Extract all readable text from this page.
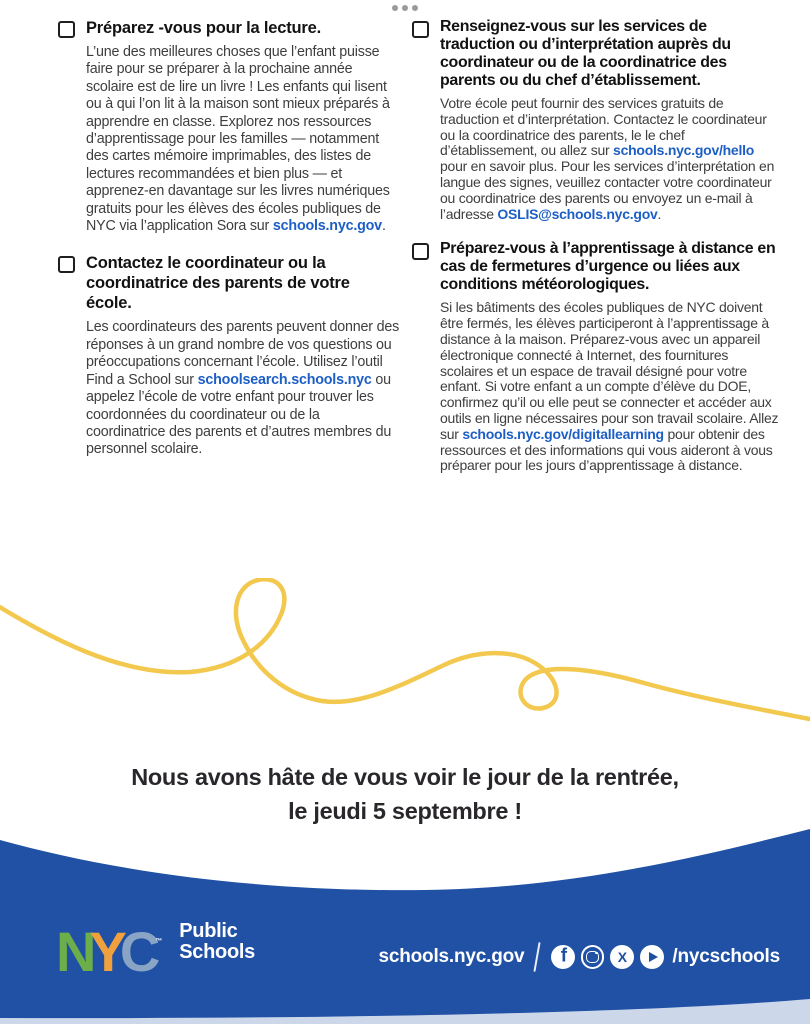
Préparez -vous pour la lecture.

L’une des meilleures choses que l’enfant puisse faire pour se préparer à la prochaine année scolaire est de lire un livre ! Les enfants qui lisent ou à qui l’on lit à la maison sont mieux préparés à apprendre en classe. Explorez nos ressources d’apprentissage pour les familles — notamment des cartes mémoire imprimables, des listes de lectures recommandées et bien plus — et apprenez-en davantage sur les livres numériques gratuits pour les élèves des écoles publiques de NYC via l’application Sora sur schools.nyc.gov.

Contactez le coordinateur ou la coordinatrice des parents de votre école.

Les coordinateurs des parents peuvent donner des réponses à un grand nombre de vos questions ou préoccupations concernant l’école. Utilisez l’outil Find a School sur schoolsearch.schools.nyc ou appelez l’école de votre enfant pour trouver les coordonnées du coordinateur ou de la coordinatrice des parents et d’autres membres du personnel scolaire.

Renseignez-vous sur les services de traduction ou d’interprétation auprès du coordinateur ou de la coordinatrice des parents ou du chef d’établissement.

Votre école peut fournir des services gratuits de traduction et d’interprétation. Contactez le coordinateur ou la coordinatrice des parents, le le chef d’établissement, ou allez sur schools.nyc.gov/hello pour en savoir plus. Pour les services d’interprétation en langue des signes, veuillez contacter votre coordinateur ou coordinatrice des parents ou envoyez un e-mail à l’adresse OSLIS@schools.nyc.gov.

Préparez-vous à l’apprentissage à distance en cas de fermetures d’urgence ou liées aux conditions météorologiques.

Si les bâtiments des écoles publiques de NYC doivent être fermés, les élèves participeront à l’apprentissage à distance à la maison. Préparez-vous avec un appareil électronique connecté à Internet, des fournitures scolaires et un espace de travail désigné pour votre enfant. Si votre enfant a un compte d’élève du DOE, confirmez qu’il ou elle peut se connecter et accéder aux outils en ligne nécessaires pour son travail scolaire. Allez sur schools.nyc.gov/digitallearning pour obtenir des ressources et des informations qui vous aideront à vous préparer pour les jours d’apprentissage à distance.

Nous avons hâte de vous voir le jour de la rentrée,
le jeudi 5 septembre !
NYC ™ Public
Schools	schools.nyc.gov f X	/nycschools
